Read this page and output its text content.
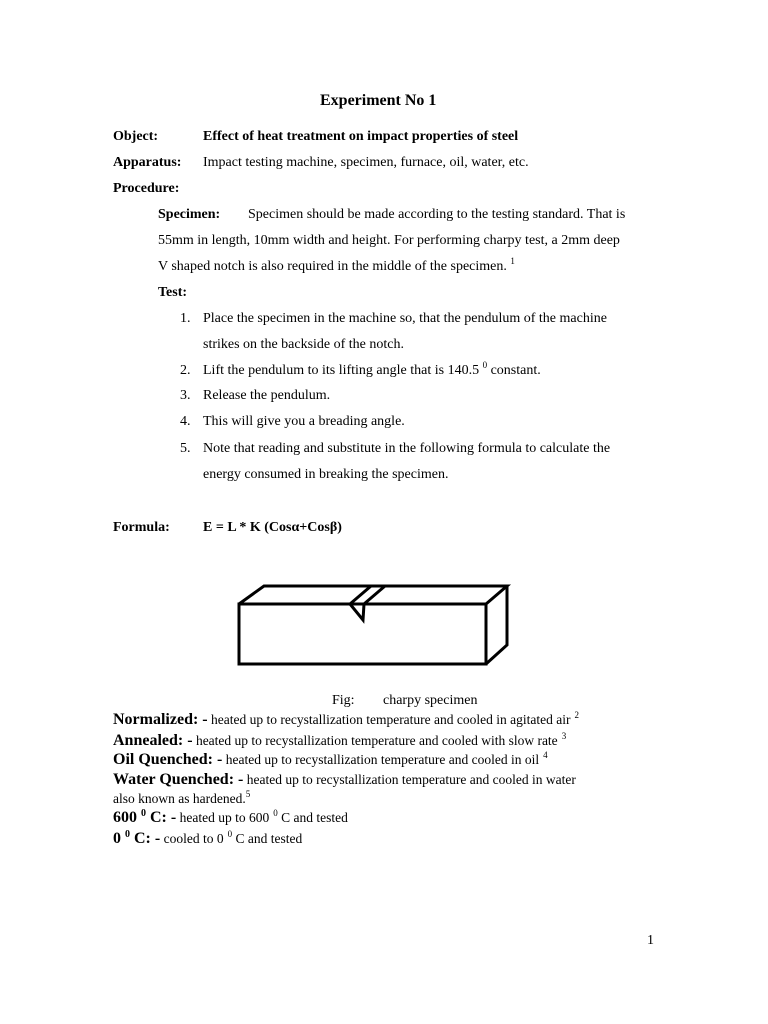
Experiment No 1
Object:	Effect of heat treatment on impact properties of steel
Apparatus: Impact testing machine, specimen, furnace, oil, water, etc.
Procedure:
Specimen: Specimen should be made according to the testing standard. That is
55mm in length, 10mm width and height. For performing charpy test, a 2mm deep
V shaped notch is also required in the middle of the specimen. $^1$
Test:
1. Place the specimen in the machine so, that the pendulum of the machine
strikes on the backside of the notch.
2. Lift the pendulum to its lifting angle that is 140.5 $^0$ constant.
3. Release the pendulum.
4. This will give you a breading angle.
5. Note that reading and substitute in the following formula to calculate the
energy consumed in breaking the specimen.
Formula: E = L * K (Cosα+Cosβ)
Fig: charpy specimen
Normalized: - heated up to recystallization temperature and cooled in agitated air $^2$
Annealed: - heated up to recystallization temperature and cooled with slow rate $^3$
Oil Quenched: - heated up to recystallization temperature and cooled in oil $^4$
Water Quenched: - heated up to recystallization temperature and cooled in water
also known as hardened.$^5$
600 $^0$ C: - heated up to 600 $^0$ C and tested
0 $^0$ C: - cooled to 0 $^0$ C and tested
1
